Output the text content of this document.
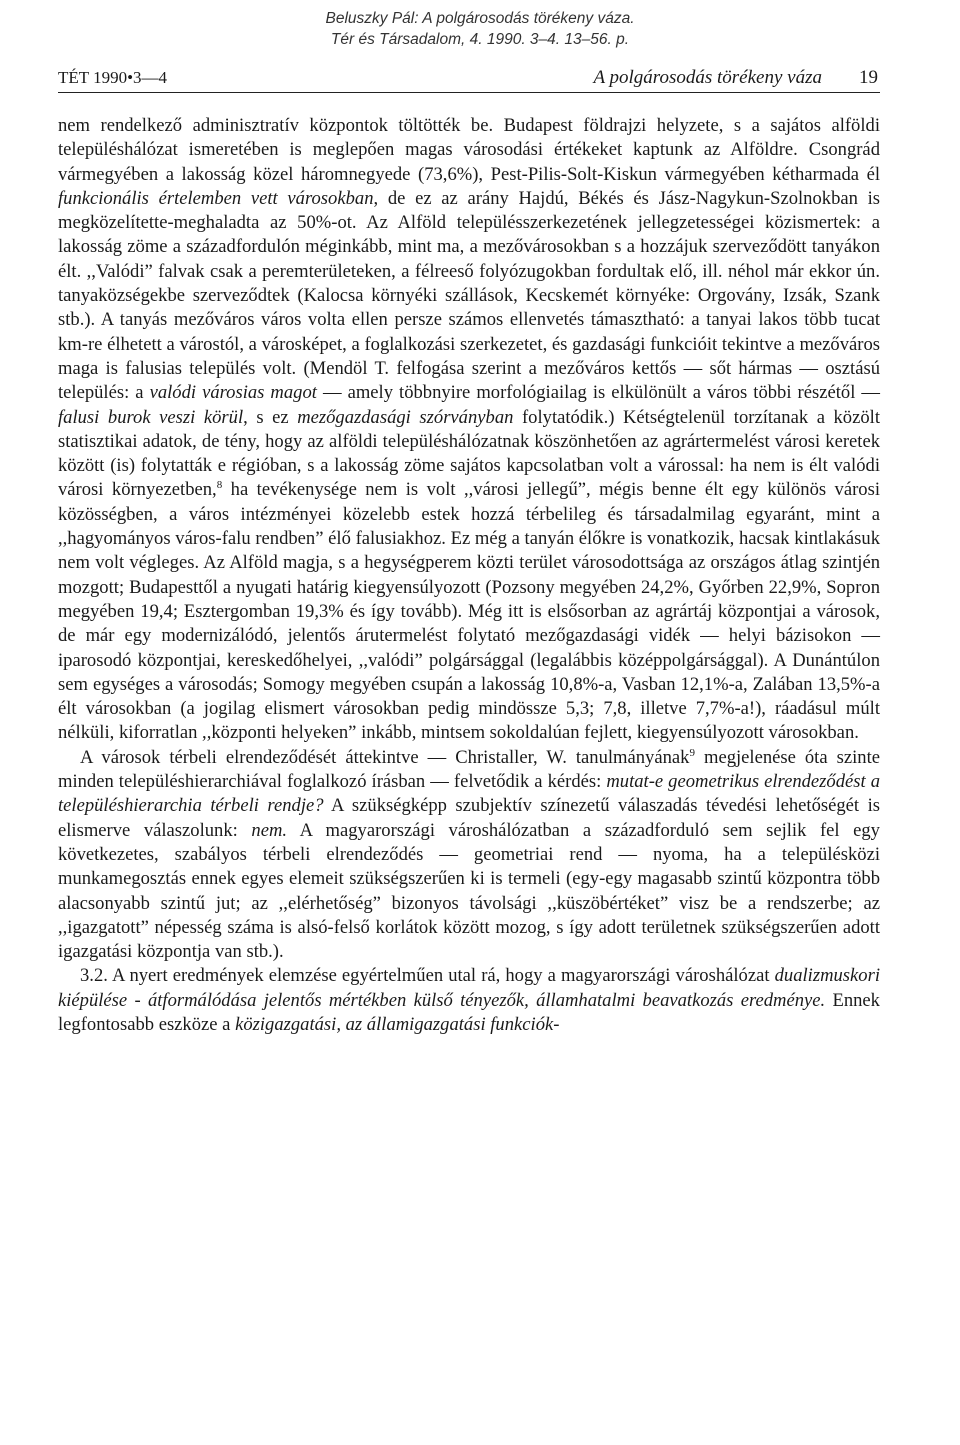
Beluszky Pál: A polgárosodás törékeny váza.
Tér és Társadalom, 4. 1990. 3–4. 13–56. p.
TÉT 1990•3—4	A polgárosodás törékeny váza 19

nem rendelkező adminisztratív központok töltötték be. Budapest földrajzi helyzete, s a sajátos alföldi településhálózat ismeretében is meglepően magas városodási értékeket kaptunk az Alföldre. Csongrád vármegyében a lakosság közel háromnegyede (73,6%), Pest-Pilis-Solt-Kiskun vármegyében kétharmada él funkcionális értelemben vett városokban, de ez az arány Hajdú, Békés és Jász-Nagykun-Szolnokban is megközelítette-meghaladta az 50%-ot. Az Alföld településszerkezetének jellegzetességei közismertek: a lakosság zöme a századfordulón méginkább, mint ma, a mezővárosokban s a hozzájuk szerveződött tanyákon élt. ,,Valódi” falvak csak a peremterületeken, a félreeső folyózugokban fordultak elő, ill. néhol már ekkor ún. tanyaközségekbe szerveződtek (Kalocsa környéki szállások, Kecskemét környéke: Orgovány, Izsák, Szank stb.). A tanyás mezőváros város volta ellen persze számos ellenvetés támasztható: a tanyai lakos több tucat km-re élhetett a várostól, a városképet, a foglalkozási szerkezetet, és gazdasági funkcióit tekintve a mezőváros maga is falusias település volt. (Mendöl T. felfogása szerint a mezőváros kettős — sőt hármas — osztású település: a valódi városias magot — amely többnyire morfológiailag is elkülönült a város többi részétől — falusi burok veszi körül, s ez mezőgazdasági szórványban folytatódik.) Kétségtelenül torzítanak a közölt statisztikai adatok, de tény, hogy az alföldi településhálózatnak köszönhetően az agrártermelést városi keretek között (is) folytatták e régióban, s a lakosság zöme sajátos kapcsolatban volt a várossal: ha nem is élt valódi városi környezetben,$^8$ ha tevékenysége nem is volt ,,városi jellegű”, mégis benne élt egy különös városi közösségben, a város intézményei közelebb estek hozzá térbelileg és társadalmilag egyaránt, mint a ,,hagyományos város-falu rendben” élő falusiakhoz. Ez még a tanyán élőkre is vonatkozik, hacsak kintlakásuk nem volt végleges. Az Alföld magja, s a hegységperem közti terület városodottsága az országos átlag szintjén mozgott; Budapesttől a nyugati határig kiegyensúlyozott (Pozsony megyében 24,2%, Győrben 22,9%, Sopron megyében 19,4; Esztergomban 19,3% és így tovább). Még itt is elsősorban az agrártáj központjai a városok, de már egy modernizálódó, jelentős árutermelést folytató mezőgazdasági vidék — helyi bázisokon — iparosodó központjai, kereskedőhelyei, ,,valódi” polgársággal (legalábbis középpolgársággal). A Dunántúlon sem egységes a városodás; Somogy megyében csupán a lakosság 10,8%-a, Vasban 12,1%-a, Zalában 13,5%-a élt városokban (a jogilag elismert városokban pedig mindössze 5,3; 7,8, illetve 7,7%-a!), ráadásul múlt nélküli, kiforratlan ,,központi helyeken” inkább, mintsem sokoldalúan fejlett, kiegyensúlyozott városokban.

A városok térbeli elrendeződését áttekintve — Christaller, W. tanulmányának$^9$ megjelenése óta szinte minden településhierarchiával foglalkozó írásban — felvetődik a kérdés: mutat-e geometrikus elrendeződést a településhierarchia térbeli rendje? A szükségképp szubjektív színezetű válaszadás tévedési lehetőségét is elismerve válaszolunk: nem. A magyarországi városhálózatban a századforduló sem sejlik fel egy következetes, szabályos térbeli elrendeződés — geometriai rend — nyoma, ha a településközi munkamegosztás ennek egyes elemeit szükségszerűen ki is termeli (egy-egy magasabb szintű központra több alacsonyabb szintű jut; az ,,elérhetőség” bizonyos távolsági ,,küszöbértéket” visz be a rendszerbe; az ,,igazgatott” népesség száma is alsó-felső korlátok között mozog, s így adott területnek szükségszerűen adott igazgatási központja van stb.).

3.2. A nyert eredmények elemzése egyértelműen utal rá, hogy a magyarországi városhálózat dualizmuskori kiépülése - átformálódása jelentős mértékben külső tényezők, államhatalmi beavatkozás eredménye. Ennek legfontosabb eszköze a közigazgatási, az államigazgatási funkciók-
